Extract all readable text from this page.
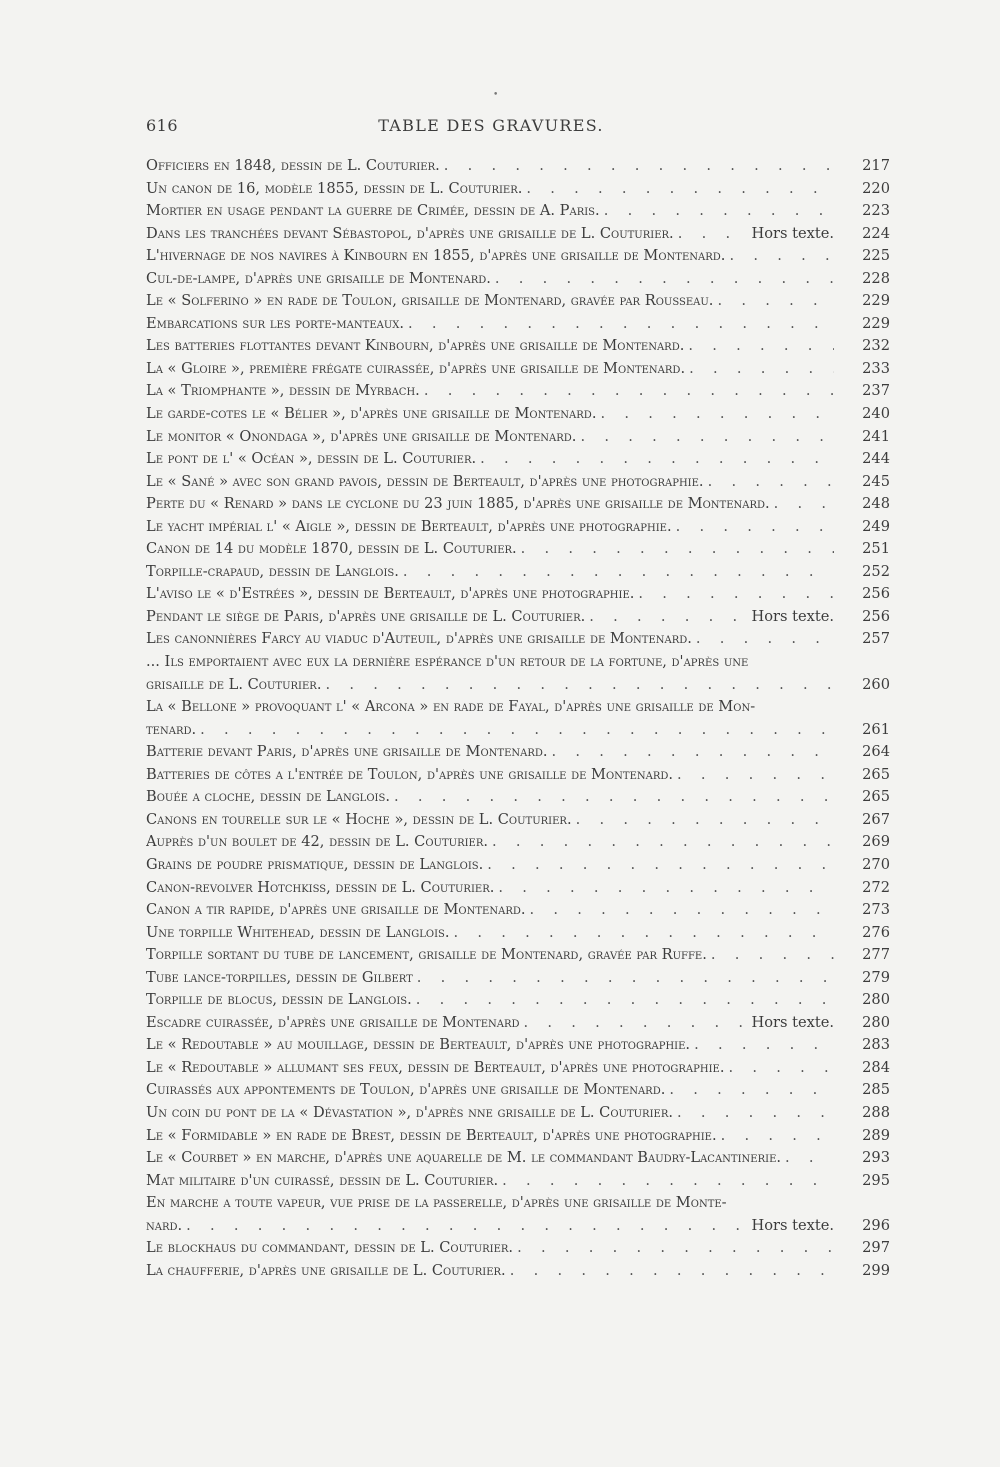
•
TABLE DES GRAVURES.
616
Officiers en 1848, dessin de L. Couturier. . . .	217
Un canon de 16, modèle 1855, dessin de L. Couturier. . . .	220
Mortier en usage pendant la guerre de Crimée, dessin de A. Paris. . . .	223
Dans les tranchées devant Sébastopol, d'après une grisaille de L. Couturier. . . .	Hors texte.	224
L'hivernage de nos navires à Kinbourn en 1855, d'après une grisaille de Montenard. . . .	225
Cul-de-lampe, d'après une grisaille de Montenard. . . .	228
Le « Solferino » en rade de Toulon, grisaille de Montenard, gravée par Rousseau. . . .	229
Embarcations sur les porte-manteaux. . . .	229
Les batteries flottantes devant Kinbourn, d'après une grisaille de Montenard. . . .	232
La « Gloire », première frégate cuirassée, d'après une grisaille de Montenard. . . .	233
La « Triomphante », dessin de Myrbach. . . .	237
Le garde-cotes le « Bélier », d'après une grisaille de Montenard. . . .	240
Le monitor « Onondaga », d'après une grisaille de Montenard. . . .	241
Le pont de l' « Océan », dessin de L. Couturier. . . .	244
Le « Sané » avec son grand pavois, dessin de Berteault, d'après une photographie. . . .	245
Perte du « Renard » dans le cyclone du 23 juin 1885, d'après une grisaille de Montenard. . . .	248
Le yacht impérial l' « Aigle », dessin de Berteault, d'après une photographie. . . .	249
Canon de 14 du modèle 1870, dessin de L. Couturier. . . .	251
Torpille-crapaud, dessin de Langlois. . . .	252
L'aviso le « d'Estrées », dessin de Berteault, d'après une photographie. . . .	256
Pendant le siège de Paris, d'après une grisaille de L. Couturier. . . .	Hors texte.	256
Les canonnières Farcy au viaduc d'Auteuil, d'après une grisaille de Montenard. . . .	257
... Ils emportaient avec eux la dernière espérance d'un retour de la fortune, d'après une
grisaille de L. Couturier. . . .	260
La « Bellone » provoquant l' « Arcona » en rade de Fayal, d'après une grisaille de Mon-
tenard. . . .	261
Batterie devant Paris, d'après une grisaille de Montenard. . . .	264
Batteries de côtes a l'entrée de Toulon, d'après une grisaille de Montenard. . . .	265
Bouée a cloche, dessin de Langlois. . . .	265
Canons en tourelle sur le « Hoche », dessin de L. Couturier. . . .	267
Auprès d'un boulet de 42, dessin de L. Couturier. . . .	269
Grains de poudre prismatique, dessin de Langlois. . . .	270
Canon-revolver Hotchkiss, dessin de L. Couturier. . . .	272
Canon a tir rapide, d'après une grisaille de Montenard. . . .	273
Une torpille Whitehead, dessin de Langlois. . . .	276
Torpille sortant du tube de lancement, grisaille de Montenard, gravée par Ruffe. . . .	277
Tube lance-torpilles, dessin de Gilbert . . .	279
Torpille de blocus, dessin de Langlois. . . .	280
Escadre cuirassée, d'après une grisaille de Montenard . . .	Hors texte.	280
Le « Redoutable » au mouillage, dessin de Berteault, d'après une photographie. . . .	283
Le « Redoutable » allumant ses feux, dessin de Berteault, d'après une photographie. . . .	284
Cuirassés aux appontements de Toulon, d'après une grisaille de Montenard. . . .	285
Un coin du pont de la « Dévastation », d'après nne grisaille de L. Couturier. . . .	288
Le « Formidable » en rade de Brest, dessin de Berteault, d'après une photographie. . . .	289
Le « Courbet » en marche, d'après une aquarelle de M. le commandant Baudry-Lacantinerie. . . .	293
Mat militaire d'un cuirassé, dessin de L. Couturier. . . .	295
En marche a toute vapeur, vue prise de la passerelle, d'après une grisaille de Monte-
nard. . . .	Hors texte.	296
Le blockhaus du commandant, dessin de L. Couturier. . . .	297
La chaufferie, d'après une grisaille de L. Couturier. . . .	299
